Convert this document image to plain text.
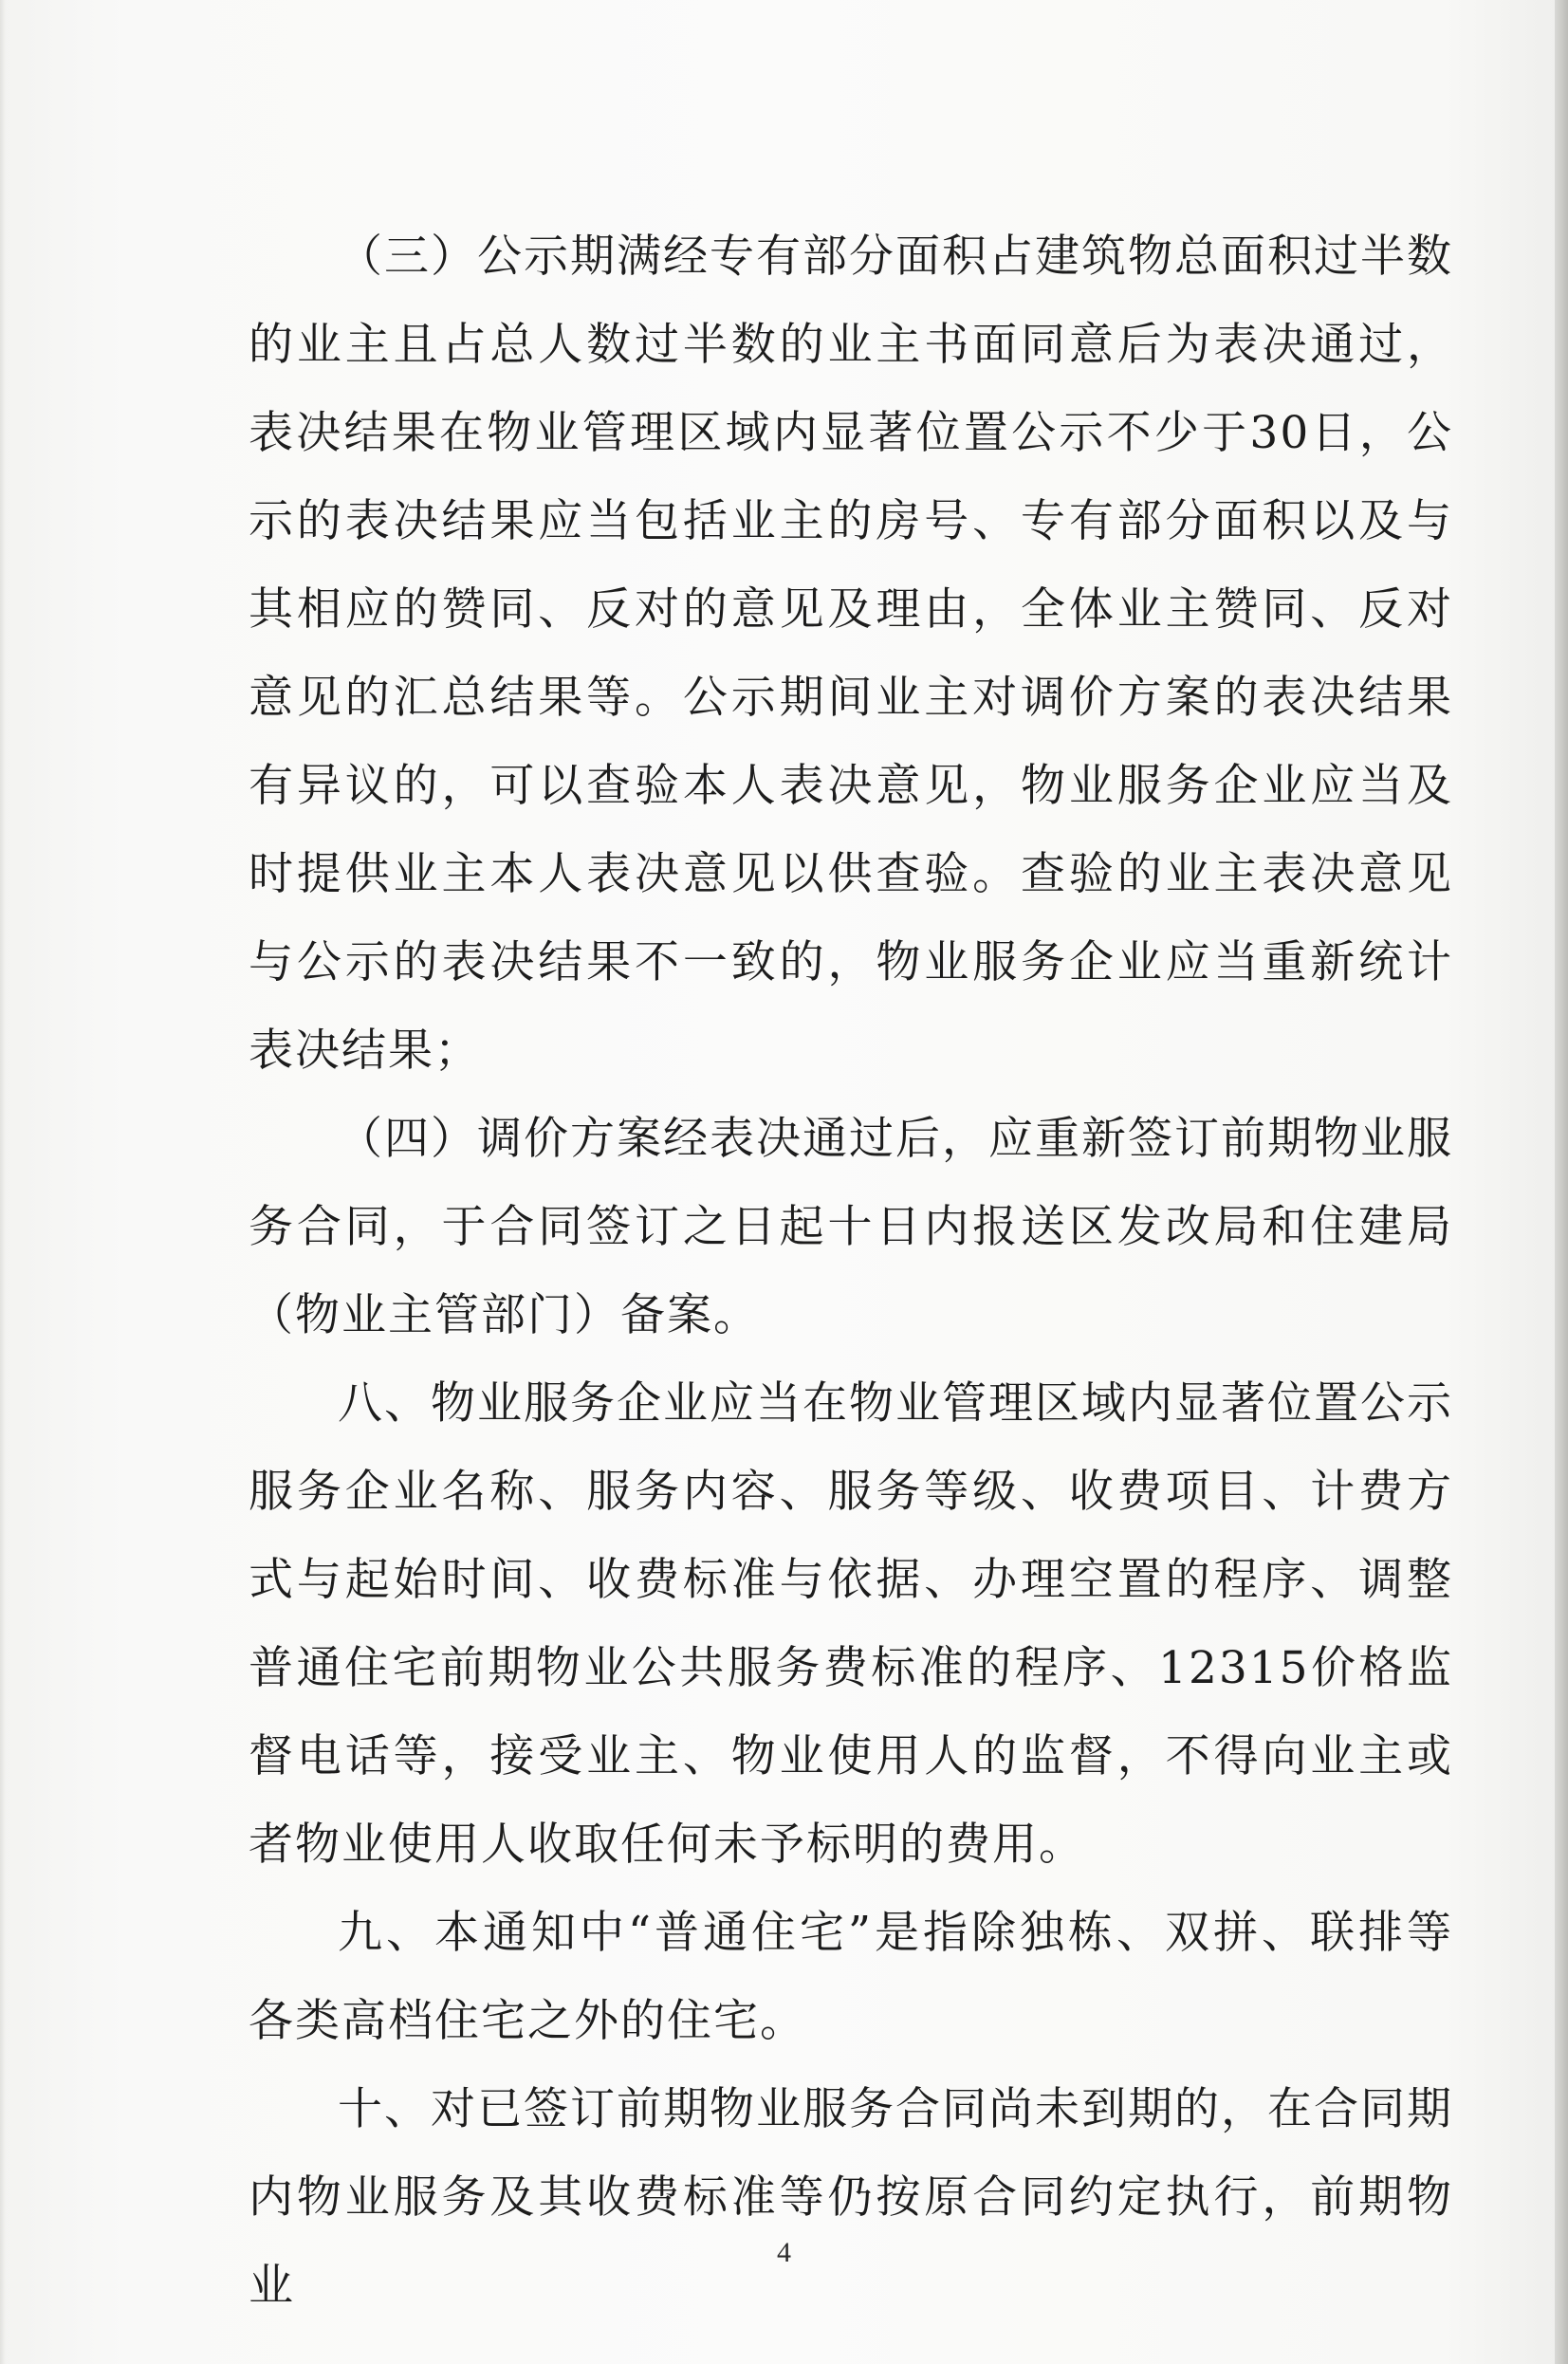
（三）公示期满经专有部分面积占建筑物总面积过半数的业主且占总人数过半数的业主书面同意后为表决通过，表决结果在物业管理区域内显著位置公示不少于30日，公示的表决结果应当包括业主的房号、专有部分面积以及与其相应的赞同、反对的意见及理由，全体业主赞同、反对意见的汇总结果等。公示期间业主对调价方案的表决结果有异议的，可以查验本人表决意见，物业服务企业应当及时提供业主本人表决意见以供查验。查验的业主表决意见与公示的表决结果不一致的，物业服务企业应当重新统计表决结果；

（四）调价方案经表决通过后，应重新签订前期物业服务合同，于合同签订之日起十日内报送区发改局和住建局（物业主管部门）备案。

八、物业服务企业应当在物业管理区域内显著位置公示服务企业名称、服务内容、服务等级、收费项目、计费方式与起始时间、收费标准与依据、办理空置的程序、调整普通住宅前期物业公共服务费标准的程序、12315价格监督电话等，接受业主、物业使用人的监督，不得向业主或者物业使用人收取任何未予标明的费用。

九、本通知中“普通住宅”是指除独栋、双拼、联排等各类高档住宅之外的住宅。

十、对已签订前期物业服务合同尚未到期的，在合同期内物业服务及其收费标准等仍按原合同约定执行，前期物业

4
